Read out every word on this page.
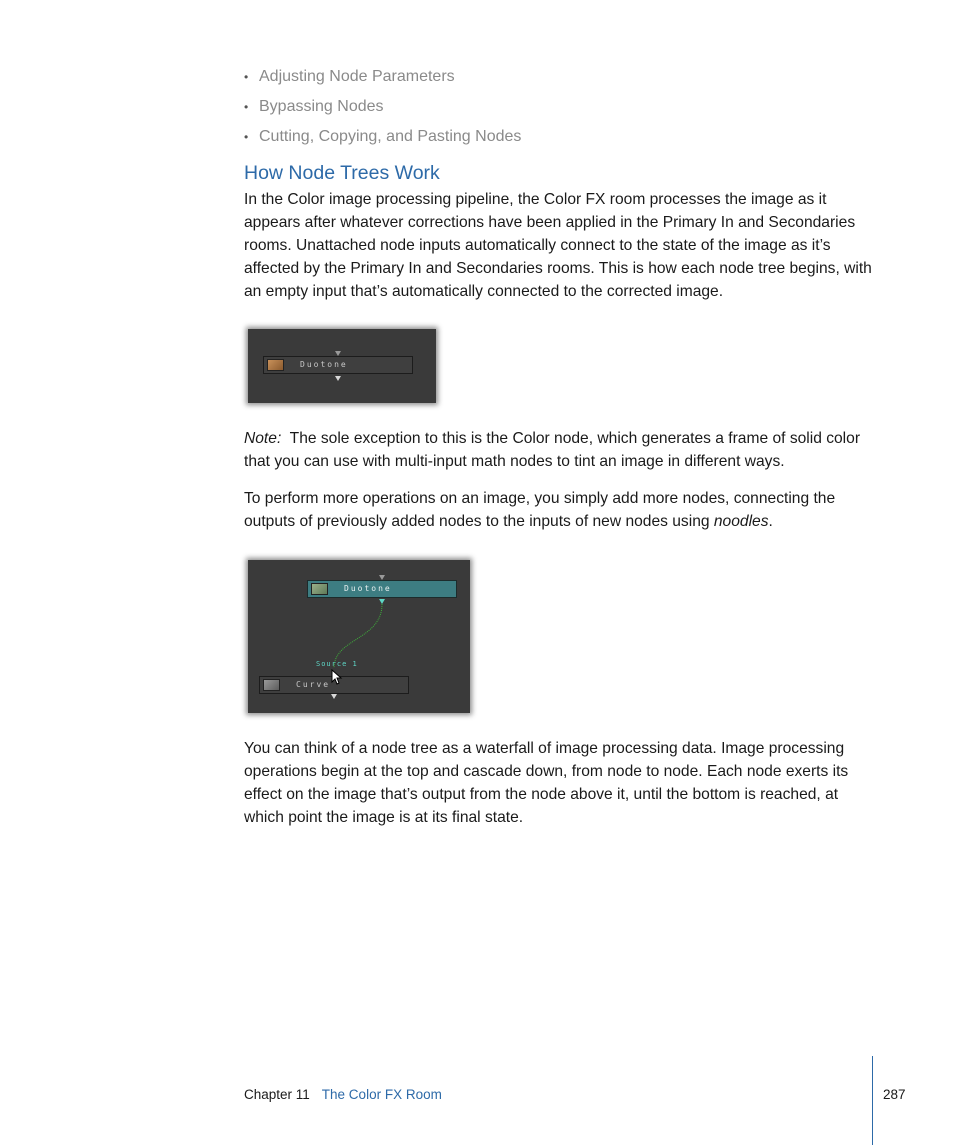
• Adjusting Node Parameters
• Bypassing Nodes
• Cutting, Copying, and Pasting Nodes
How Node Trees Work

In the Color image processing pipeline, the Color FX room processes the image as it appears after whatever corrections have been applied in the Primary In and Secondaries rooms. Unattached node inputs automatically connect to the state of the image as it’s affected by the Primary In and Secondaries rooms. This is how each node tree begins, with an empty input that’s automatically connected to the corrected image.

Duotone

Note: The sole exception to this is the Color node, which generates a frame of solid color that you can use with multi-input math nodes to tint an image in different ways.

To perform more operations on an image, you simply add more nodes, connecting the outputs of previously added nodes to the inputs of new nodes using noodles.

Duotone
Source 1
Curve

You can think of a node tree as a waterfall of image processing data. Image processing operations begin at the top and cascade down, from node to node. Each node exerts its effect on the image that’s output from the node above it, until the bottom is reached, at which point the image is at its final state.

Chapter 11 The Color FX Room	287
